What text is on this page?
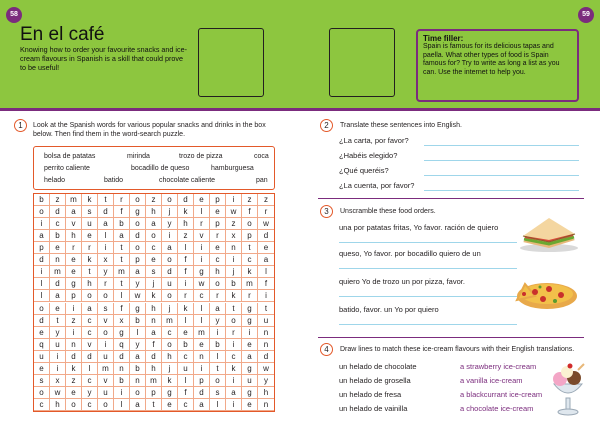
58	59
En el café
Knowing how to order your favourite snacks and ice-cream flavours in Spanish is a skill that could prove to be useful!
Time filler:
Spain is famous for its delicious tapas and paella. What other types of food is Spain famous for? Try to write as long a list as you can. Use the internet to help you.
1	Look at the Spanish words for various popular snacks and drinks in the box below. Then find them in the word-search puzzle.
bolsa de patatas	mirinda	trozo de pizza	coca
perrito caliente	bocadillo de queso	hamburguesa
helado	batido	chocolate caliente	pan
b	z	m	k	t	r	o	z	o	d	e	p	i	z	z
o	d	a	s	d	f	g	h	j	k	l	e	w	f	r
i	c	v	u	a	b	o	a	y	h	r	p	z	o	w
a	b	h	e	l	a	d	o	i	z	v	r	x	p	d
p	e	r	r	i	t	o	c	a	l	i	e	n	t	e
d	n	e	k	x	t	p	e	o	f	i	c	i	c	a
i	m	e	t	y	m	a	s	d	f	g	h	j	k	l
l	d	g	h	r	t	y	j	u	i	w	o	b	m	f
l	a	p	o	o	l	w	k	o	r	c	r	k	r	i
o	e	i	a	s	f	g	h	j	k	l	a	t	g	t
d	t	z	c	v	x	b	n	m	l	l	y	o	g	u
e	y	i	c	o	g	l	a	c	e	m	i	r	i	n
q	u	n	v	i	q	y	f	o	b	e	b	i	e	n
u	i	d	d	u	d	a	d	h	c	n	l	c	a	d
e	i	k	l	m	n	b	h	j	u	i	t	k	g	w
s	x	z	c	v	b	n	m	k	l	p	o	i	u	y
o	w	e	y	u	i	o	p	g	f	d	s	a	g	h
c	h	o	c	o	l	a	t	e	c	a	l	i	e	n
2	Translate these sentences into English.
¿La carta, por favor?
¿Habéis elegido?
¿Qué queréis?
¿La cuenta, por favor?
3	Unscramble these food orders.
una por patatas fritas, Yo favor. ración de quiero
queso, Yo favor. por bocadillo quiero de un
quiero Yo de trozo un por pizza, favor.
batido, favor. un Yo por quiero
4	Draw lines to match these ice-cream flavours with their English translations.
un helado de chocolate
un helado de grosella
un helado de fresa
un helado de vainilla
a strawberry ice-cream
a vanilla ice-cream
a blackcurrant ice-cream
a chocolate ice-cream
